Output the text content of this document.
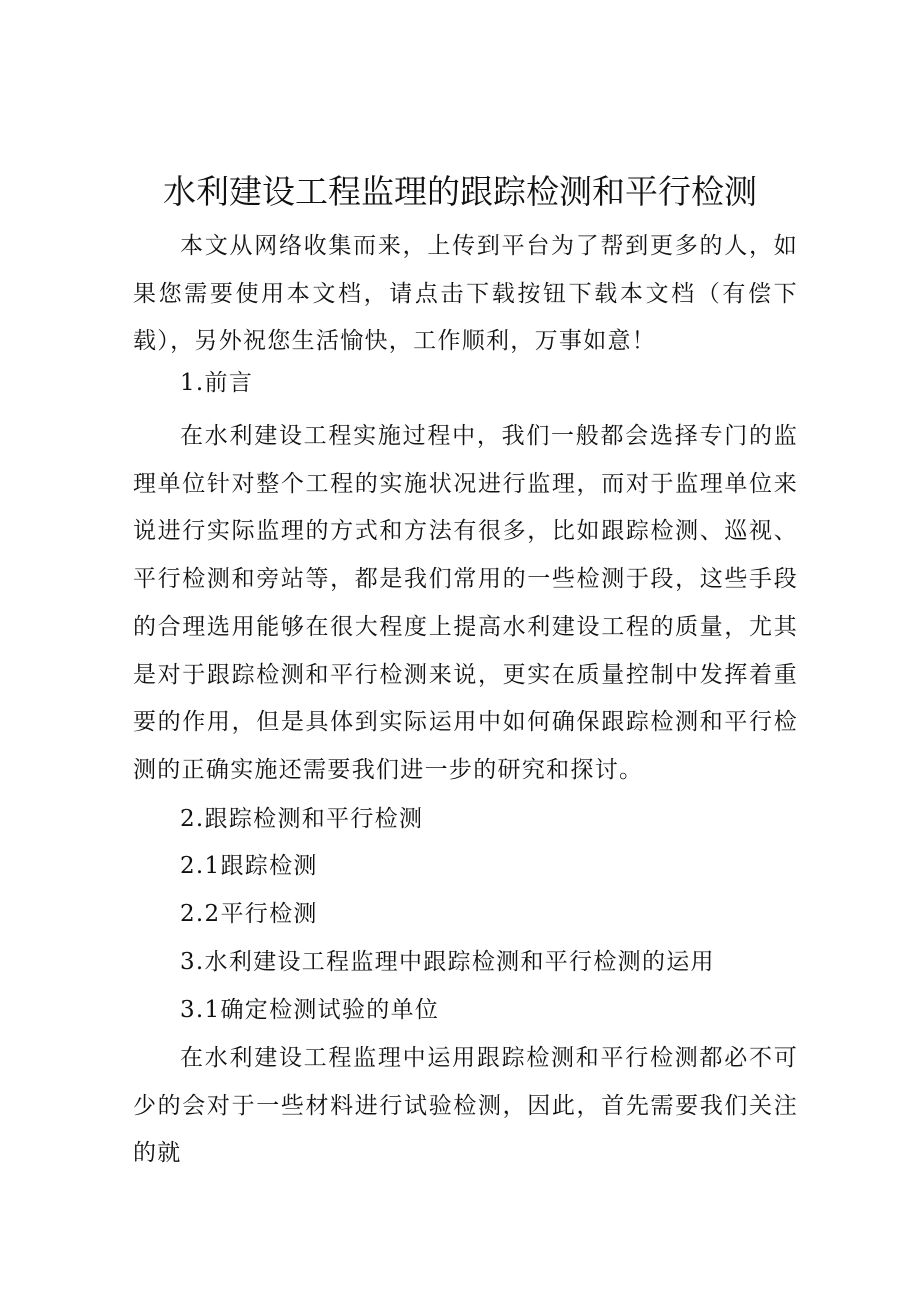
水利建设工程监理的跟踪检测和平行检测

本文从网络收集而来，上传到平台为了帮到更多的人，如果您需要使用本文档，请点击下载按钮下载本文档（有偿下载），另外祝您生活愉快，工作顺利，万事如意！

1.前言

在水利建设工程实施过程中，我们一般都会选择专门的监理单位针对整个工程的实施状况进行监理，而对于监理单位来说进行实际监理的方式和方法有很多，比如跟踪检测、巡视、平行检测和旁站等，都是我们常用的一些检测于段，这些手段的合理选用能够在很大程度上提高水利建设工程的质量，尤其是对于跟踪检测和平行检测来说，更实在质量控制中发挥着重要的作用，但是具体到实际运用中如何确保跟踪检测和平行检测的正确实施还需要我们进一步的研究和探讨。

2.跟踪检测和平行检测
2.1跟踪检测
2.2平行检测
3.水利建设工程监理中跟踪检测和平行检测的运用
3.1确定检测试验的单位

在水利建设工程监理中运用跟踪检测和平行检测都必不可少的会对于一些材料进行试验检测，因此，首先需要我们关注的就
